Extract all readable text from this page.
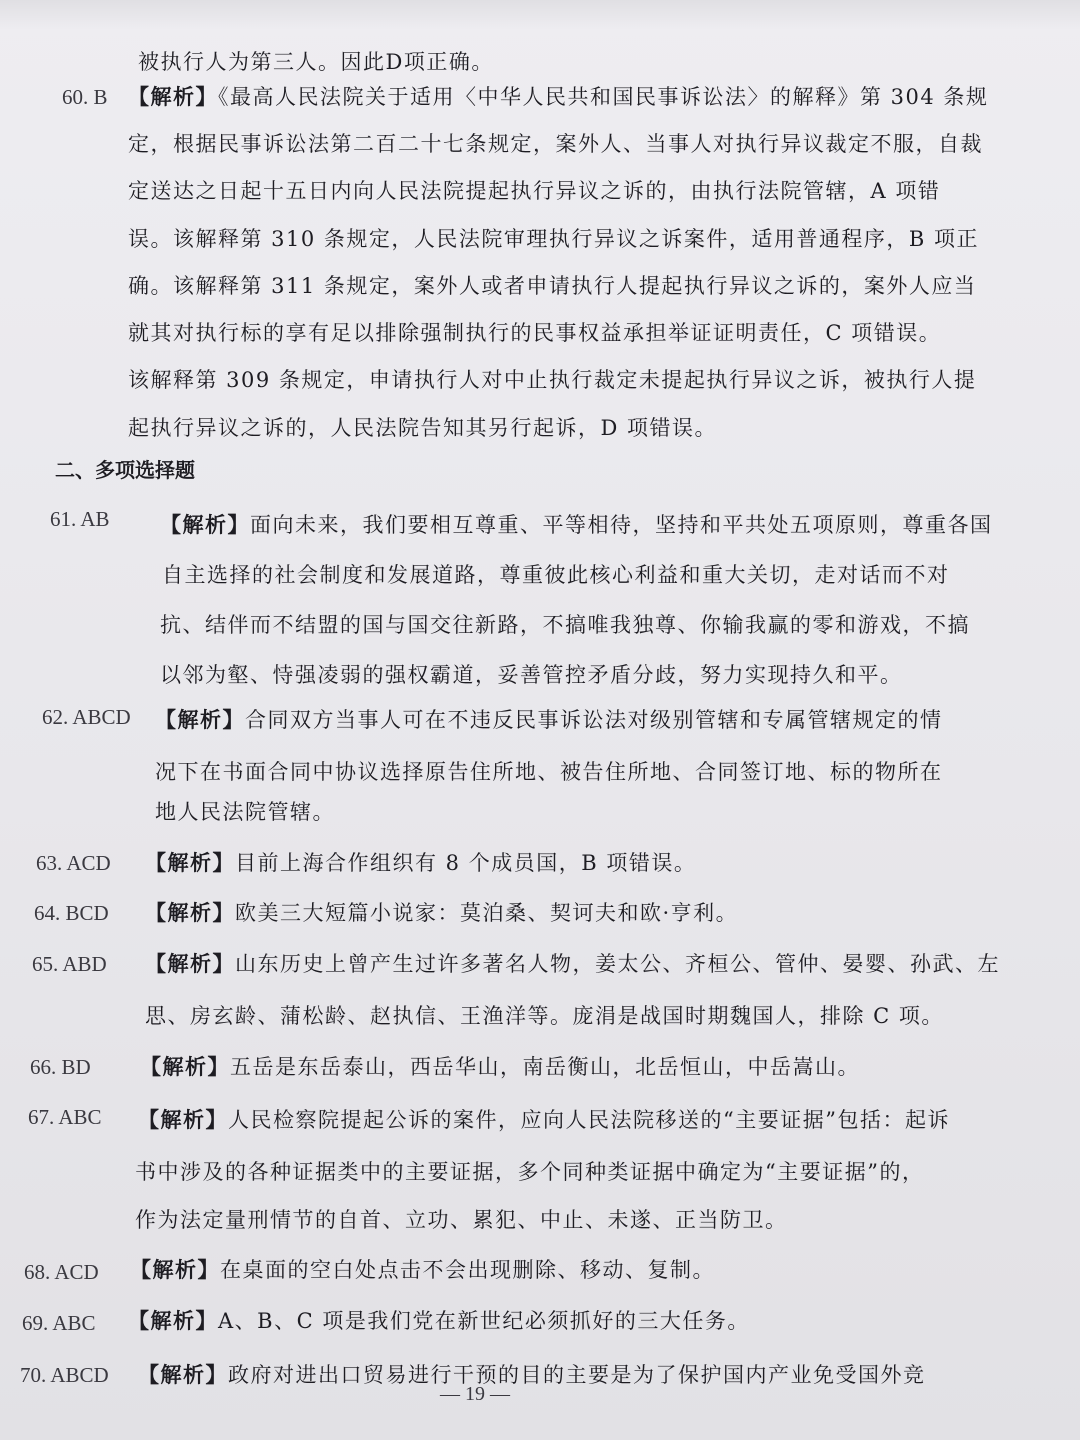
被执行人为第三人。因此D项正确。
60. B 【解析】《最高人民法院关于适用〈中华人民共和国民事诉讼法〉的解释》第 304 条规
定，根据民事诉讼法第二百二十七条规定，案外人、当事人对执行异议裁定不服，自裁
定送达之日起十五日内向人民法院提起执行异议之诉的，由执行法院管辖，A 项错
误。该解释第 310 条规定，人民法院审理执行异议之诉案件，适用普通程序，B 项正
确。该解释第 311 条规定，案外人或者申请执行人提起执行异议之诉的，案外人应当
就其对执行标的享有足以排除强制执行的民事权益承担举证证明责任，C 项错误。
该解释第 309 条规定，申请执行人对中止执行裁定未提起执行异议之诉，被执行人提
起执行异议之诉的，人民法院告知其另行起诉，D 项错误。
二、多项选择题
61. AB 【解析】面向未来，我们要相互尊重、平等相待，坚持和平共处五项原则，尊重各国
自主选择的社会制度和发展道路，尊重彼此核心利益和重大关切，走对话而不对
抗、结伴而不结盟的国与国交往新路，不搞唯我独尊、你输我赢的零和游戏，不搞
以邻为壑、恃强凌弱的强权霸道，妥善管控矛盾分歧，努力实现持久和平。
62. ABCD 【解析】合同双方当事人可在不违反民事诉讼法对级别管辖和专属管辖规定的情
况下在书面合同中协议选择原告住所地、被告住所地、合同签订地、标的物所在
地人民法院管辖。
63. ACD 【解析】目前上海合作组织有 8 个成员国，B 项错误。
64. BCD 【解析】欧美三大短篇小说家：莫泊桑、契诃夫和欧·亨利。
65. ABD 【解析】山东历史上曾产生过许多著名人物，姜太公、齐桓公、管仲、晏婴、孙武、左
思、房玄龄、蒲松龄、赵执信、王渔洋等。庞涓是战国时期魏国人，排除 C 项。
66. BD 【解析】五岳是东岳泰山，西岳华山，南岳衡山，北岳恒山，中岳嵩山。
67. ABC 【解析】人民检察院提起公诉的案件，应向人民法院移送的“主要证据”包括：起诉
书中涉及的各种证据类中的主要证据，多个同种类证据中确定为“主要证据”的，
作为法定量刑情节的自首、立功、累犯、中止、未遂、正当防卫。
68. ACD 【解析】在桌面的空白处点击不会出现删除、移动、复制。
69. ABC 【解析】A、B、C 项是我们党在新世纪必须抓好的三大任务。
70. ABCD 【解析】政府对进出口贸易进行干预的目的主要是为了保护国内产业免受国外竞
— 19 —
